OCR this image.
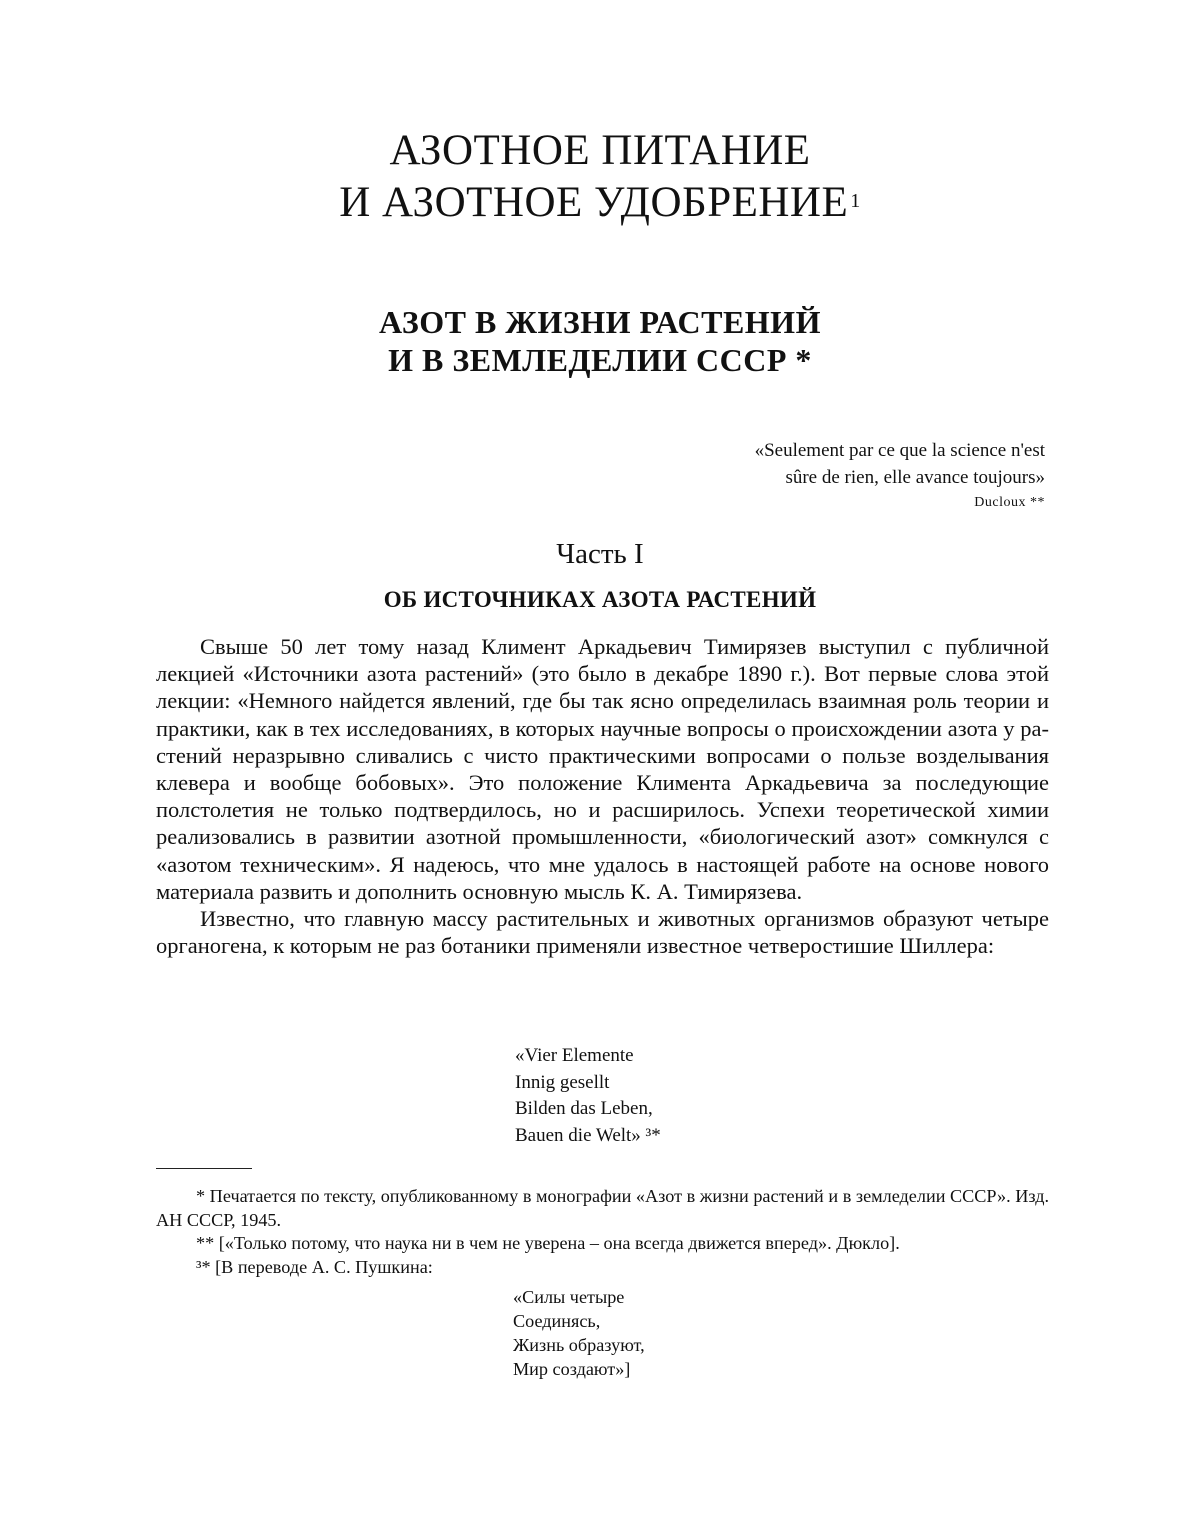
АЗОТНОЕ ПИТАНИЕ
И АЗОТНОЕ УДОБРЕНИЕ $^1$
АЗОТ В ЖИЗНИ РАСТЕНИЙ
И В ЗЕМЛЕДЕЛИИ СССР *
«Seulement par ce que la science n'est
sûre de rien, elle avance toujours»
Duclоux **
Часть I
ОБ ИСТОЧНИКАХ АЗОТА РАСТЕНИЙ

Свыше 50 лет тому назад Климент Аркадьевич Тимирязев выступил с публичной лекцией «Источники азота растений» (это было в декабре 1890 г.). Вот первые слова этой лекции: «Немного найдется явлений, где бы так ясно определилась взаимная роль теории и практики, как в тех исследованиях, в которых научные вопросы о происхождении азота у растений неразрывно сливались с чисто практическими вопросами о пользе возделывания клевера и вообще бобовых». Это положение Климента Аркадьевича за последующие полстолетия не только подтвердилось, но и расширилось. Успехи теоретической химии реализовались в развитии азотной промышленности, «биологический азот» сомкнулся с «азотом техническим». Я надеюсь, что мне удалось в настоящей работе на основе нового материала развить и дополнить основную мысль К. А. Тимирязева.

Известно, что главную массу растительных и животных организмов образуют четыре органогена, к которым не раз ботаники применяли известное четверостишие Шиллера:

«Vier Elemente
Innig gesellt
Bilden das Leben,
Bauen die Welt» ³*

* Печатается по тексту, опубликованному в монографии «Азот в жизни растений и в земледелии СССР». Изд. АН СССР, 1945.

** [«Только потому, что наука ни в чем не уверена – она всегда движется вперед». Дюкло].

³* [В переводе А. С. Пушкина:

«Силы четыре
Соединясь,
Жизнь образуют,
Мир создают»]
